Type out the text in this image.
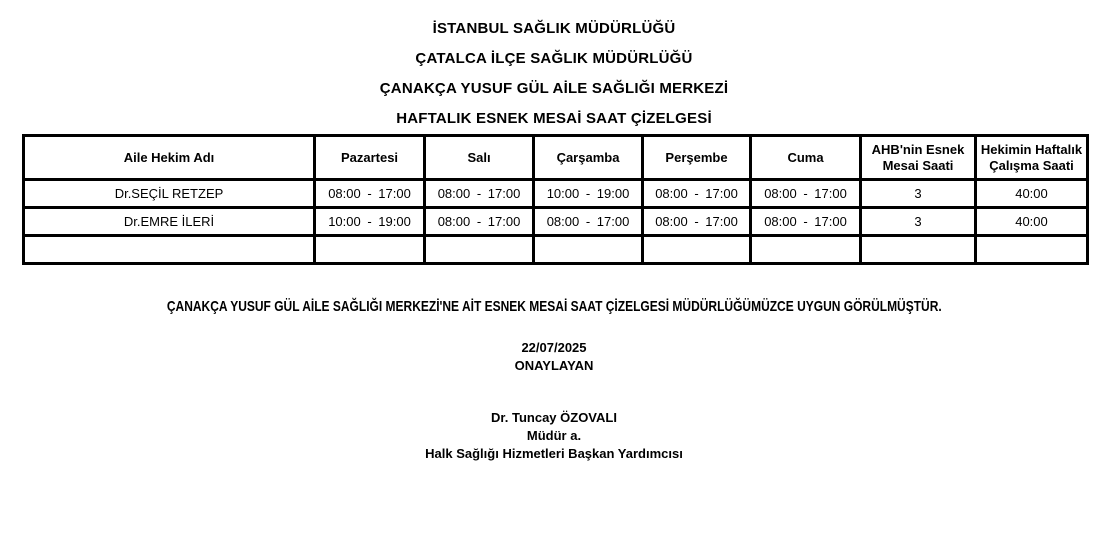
İSTANBUL SAĞLIK MÜDÜRLÜĞÜ
ÇATALCA İLÇE SAĞLIK MÜDÜRLÜĞÜ
ÇANAKÇA YUSUF GÜL AİLE SAĞLIĞI MERKEZİ
HAFTALIK ESNEK MESAİ SAAT ÇİZELGESİ
Aile Hekim Adı	Pazartesi	Salı	Çarşamba	Perşembe	Cuma	AHB'nin Esnek Mesai Saati	Hekimin Haftalık Çalışma Saati
Dr.SEÇİL RETZEP	08:00 - 17:00	08:00 - 17:00	10:00 - 19:00	08:00 - 17:00	08:00 - 17:00	3	40:00
Dr.EMRE İLERİ	10:00 - 19:00	08:00 - 17:00	08:00 - 17:00	08:00 - 17:00	08:00 - 17:00	3	40:00

ÇANAKÇA YUSUF GÜL AİLE SAĞLIĞI MERKEZİ'NE AİT ESNEK MESAİ SAAT ÇİZELGESİ MÜDÜRLÜĞÜMÜZCE UYGUN GÖRÜLMÜŞTÜR.
22/07/2025
ONAYLAYAN
Dr. Tuncay ÖZOVALI
Müdür a.
Halk Sağlığı Hizmetleri Başkan Yardımcısı
